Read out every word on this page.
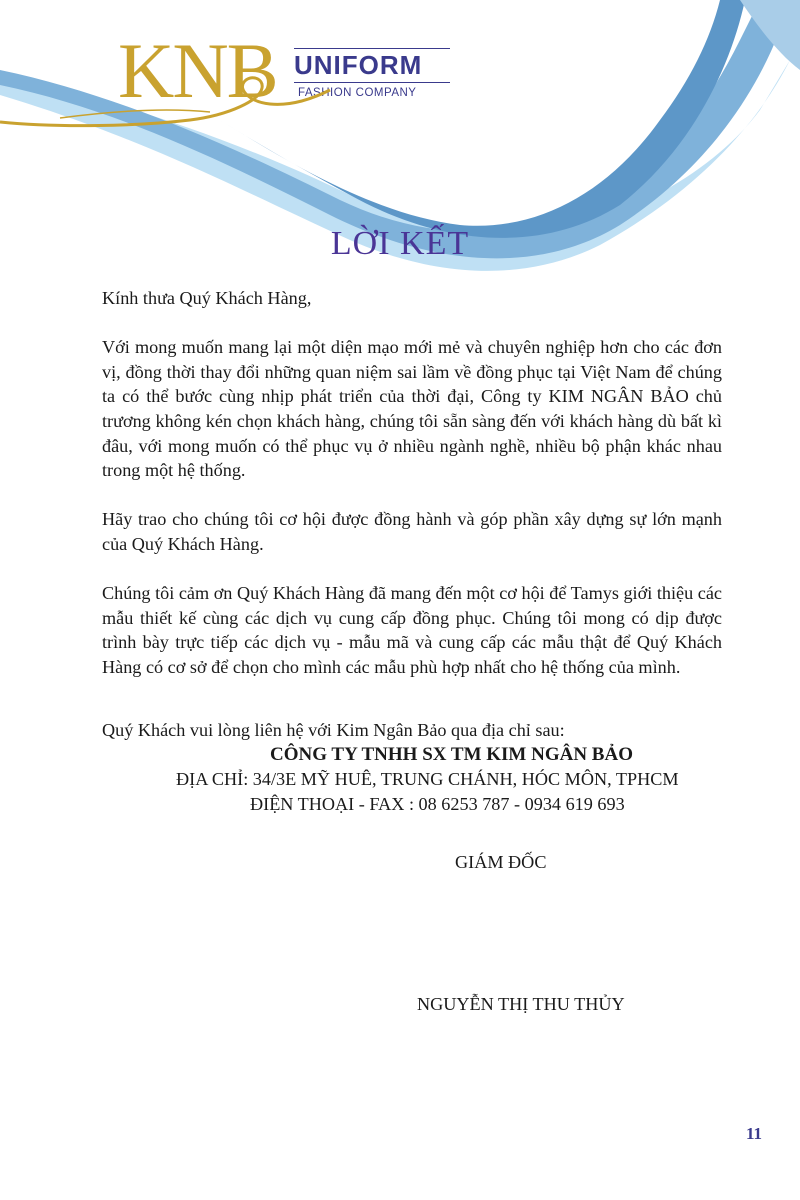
KNB UNIFORM
FASHION COMPANY
LỜI KẾT

Kính thưa Quý Khách Hàng,

Với mong muốn mang lại một diện mạo mới mẻ và chuyên nghiệp hơn cho các đơn vị, đồng thời thay đổi những quan niệm sai lầm về đồng phục tại Việt Nam để chúng ta có thể bước cùng nhịp phát triển của thời đại, Công ty KIM NGÂN BẢO chủ trương không kén chọn khách hàng, chúng tôi sẵn sàng đến với khách hàng dù bất kì đâu, với mong muốn có thể phục vụ ở nhiều ngành nghề, nhiều bộ phận khác nhau trong một hệ thống.

Hãy trao cho chúng tôi cơ hội được đồng hành và góp phần xây dựng sự lớn mạnh của Quý Khách Hàng.

Chúng tôi cảm ơn Quý Khách Hàng đã mang đến một cơ hội để Tamys giới thiệu các mẫu thiết kế cùng các dịch vụ cung cấp đồng phục. Chúng tôi mong có dịp được trình bày trực tiếp các dịch vụ - mẫu mã và cung cấp các mẫu thật để Quý Khách Hàng có cơ sở để chọn cho mình các mẫu phù hợp nhất cho hệ thống của mình.

Quý Khách vui lòng liên hệ với Kim Ngân Bảo qua địa chỉ sau:
CÔNG TY TNHH SX TM KIM NGÂN BẢO
ĐỊA CHỈ: 34/3E MỸ HUÊ, TRUNG CHÁNH, HÓC MÔN, TPHCM
ĐIỆN THOẠI - FAX : 08 6253 787 - 0934 619 693
GIÁM ĐỐC
NGUYỄN THỊ THU THỦY
11
